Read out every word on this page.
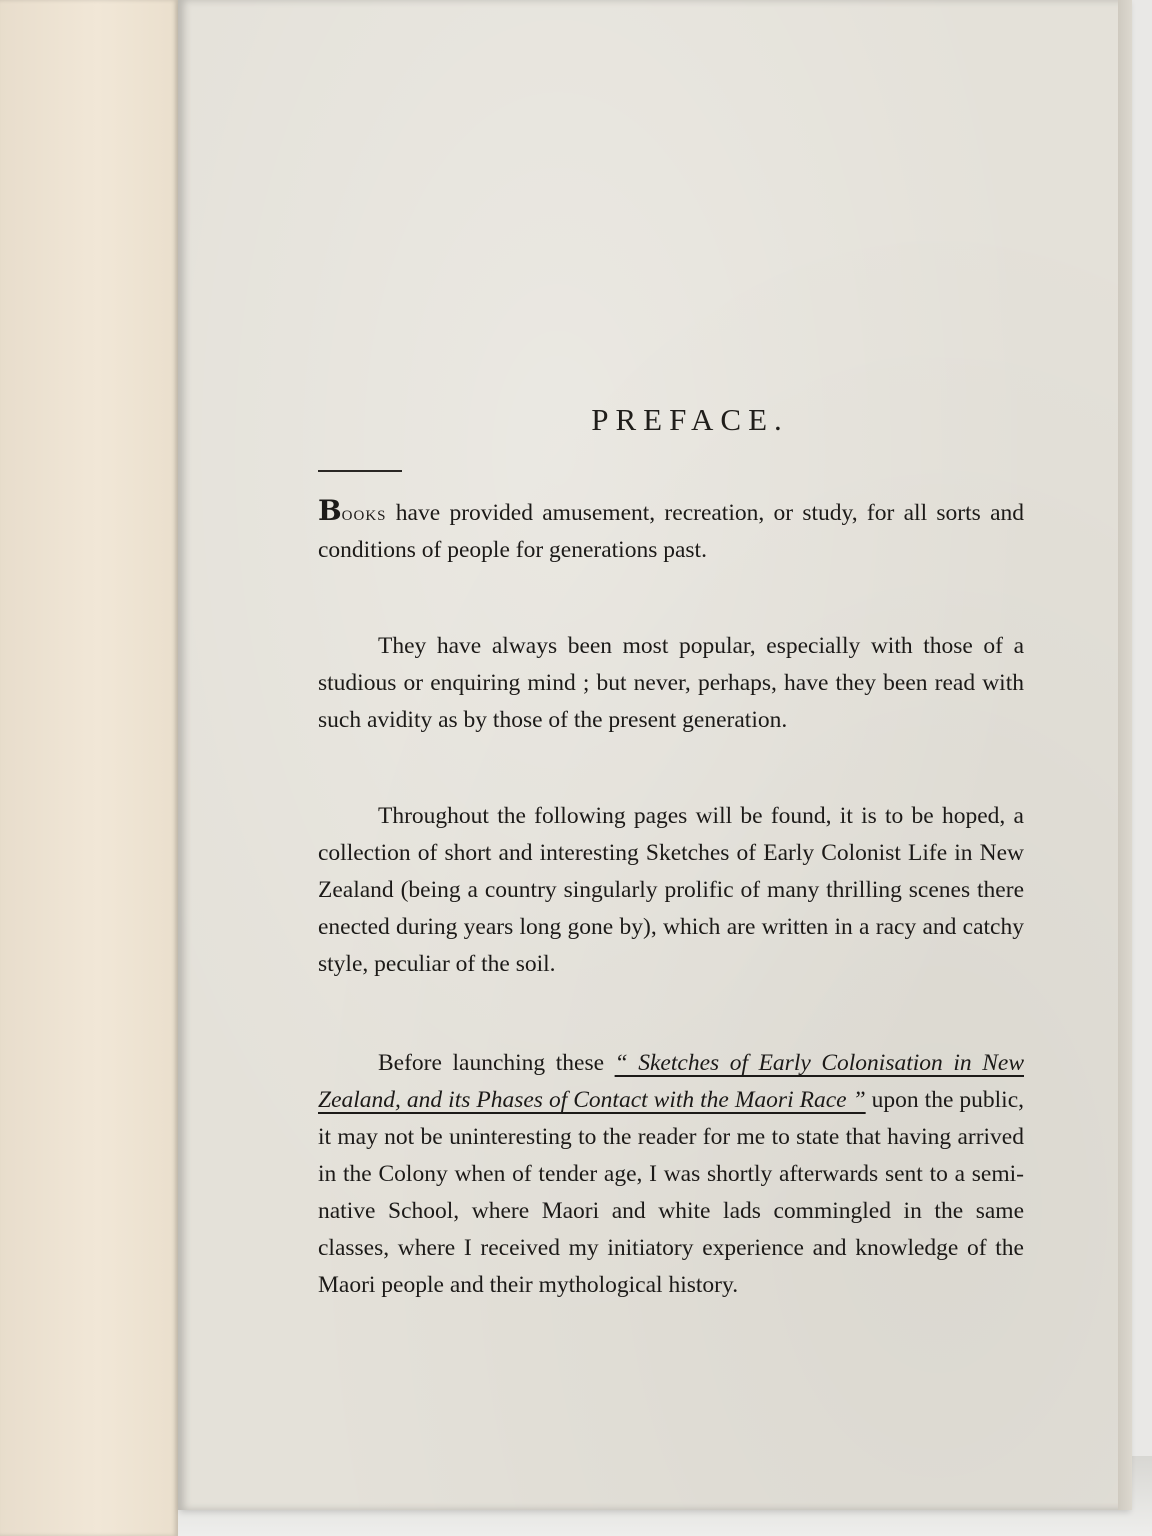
PREFACE.

Books have provided amusement, recreation, or study, for all sorts and conditions of people for generations past.

They have always been most popular, especially with those of a studious or enquiring mind ; but never, perhaps, have they been read with such avidity as by those of the present generation.

Throughout the following pages will be found, it is to be hoped, a collection of short and interesting Sketches of Early Colonist Life in New Zealand (being a country singularly prolific of many thrilling scenes there enected during years long gone by), which are written in a racy and catchy style, peculiar of the soil.

Before launching these “ Sketches of Early Colonisation in New Zealand, and its Phases of Contact with the Maori Race ” upon the public, it may not be uninteresting to the reader for me to state that having arrived in the Colony when of tender age, I was shortly afterwards sent to a semi-native School, where Maori and white lads commingled in the same classes, where I received my initiatory experience and knowledge of the Maori people and their mythological history.
